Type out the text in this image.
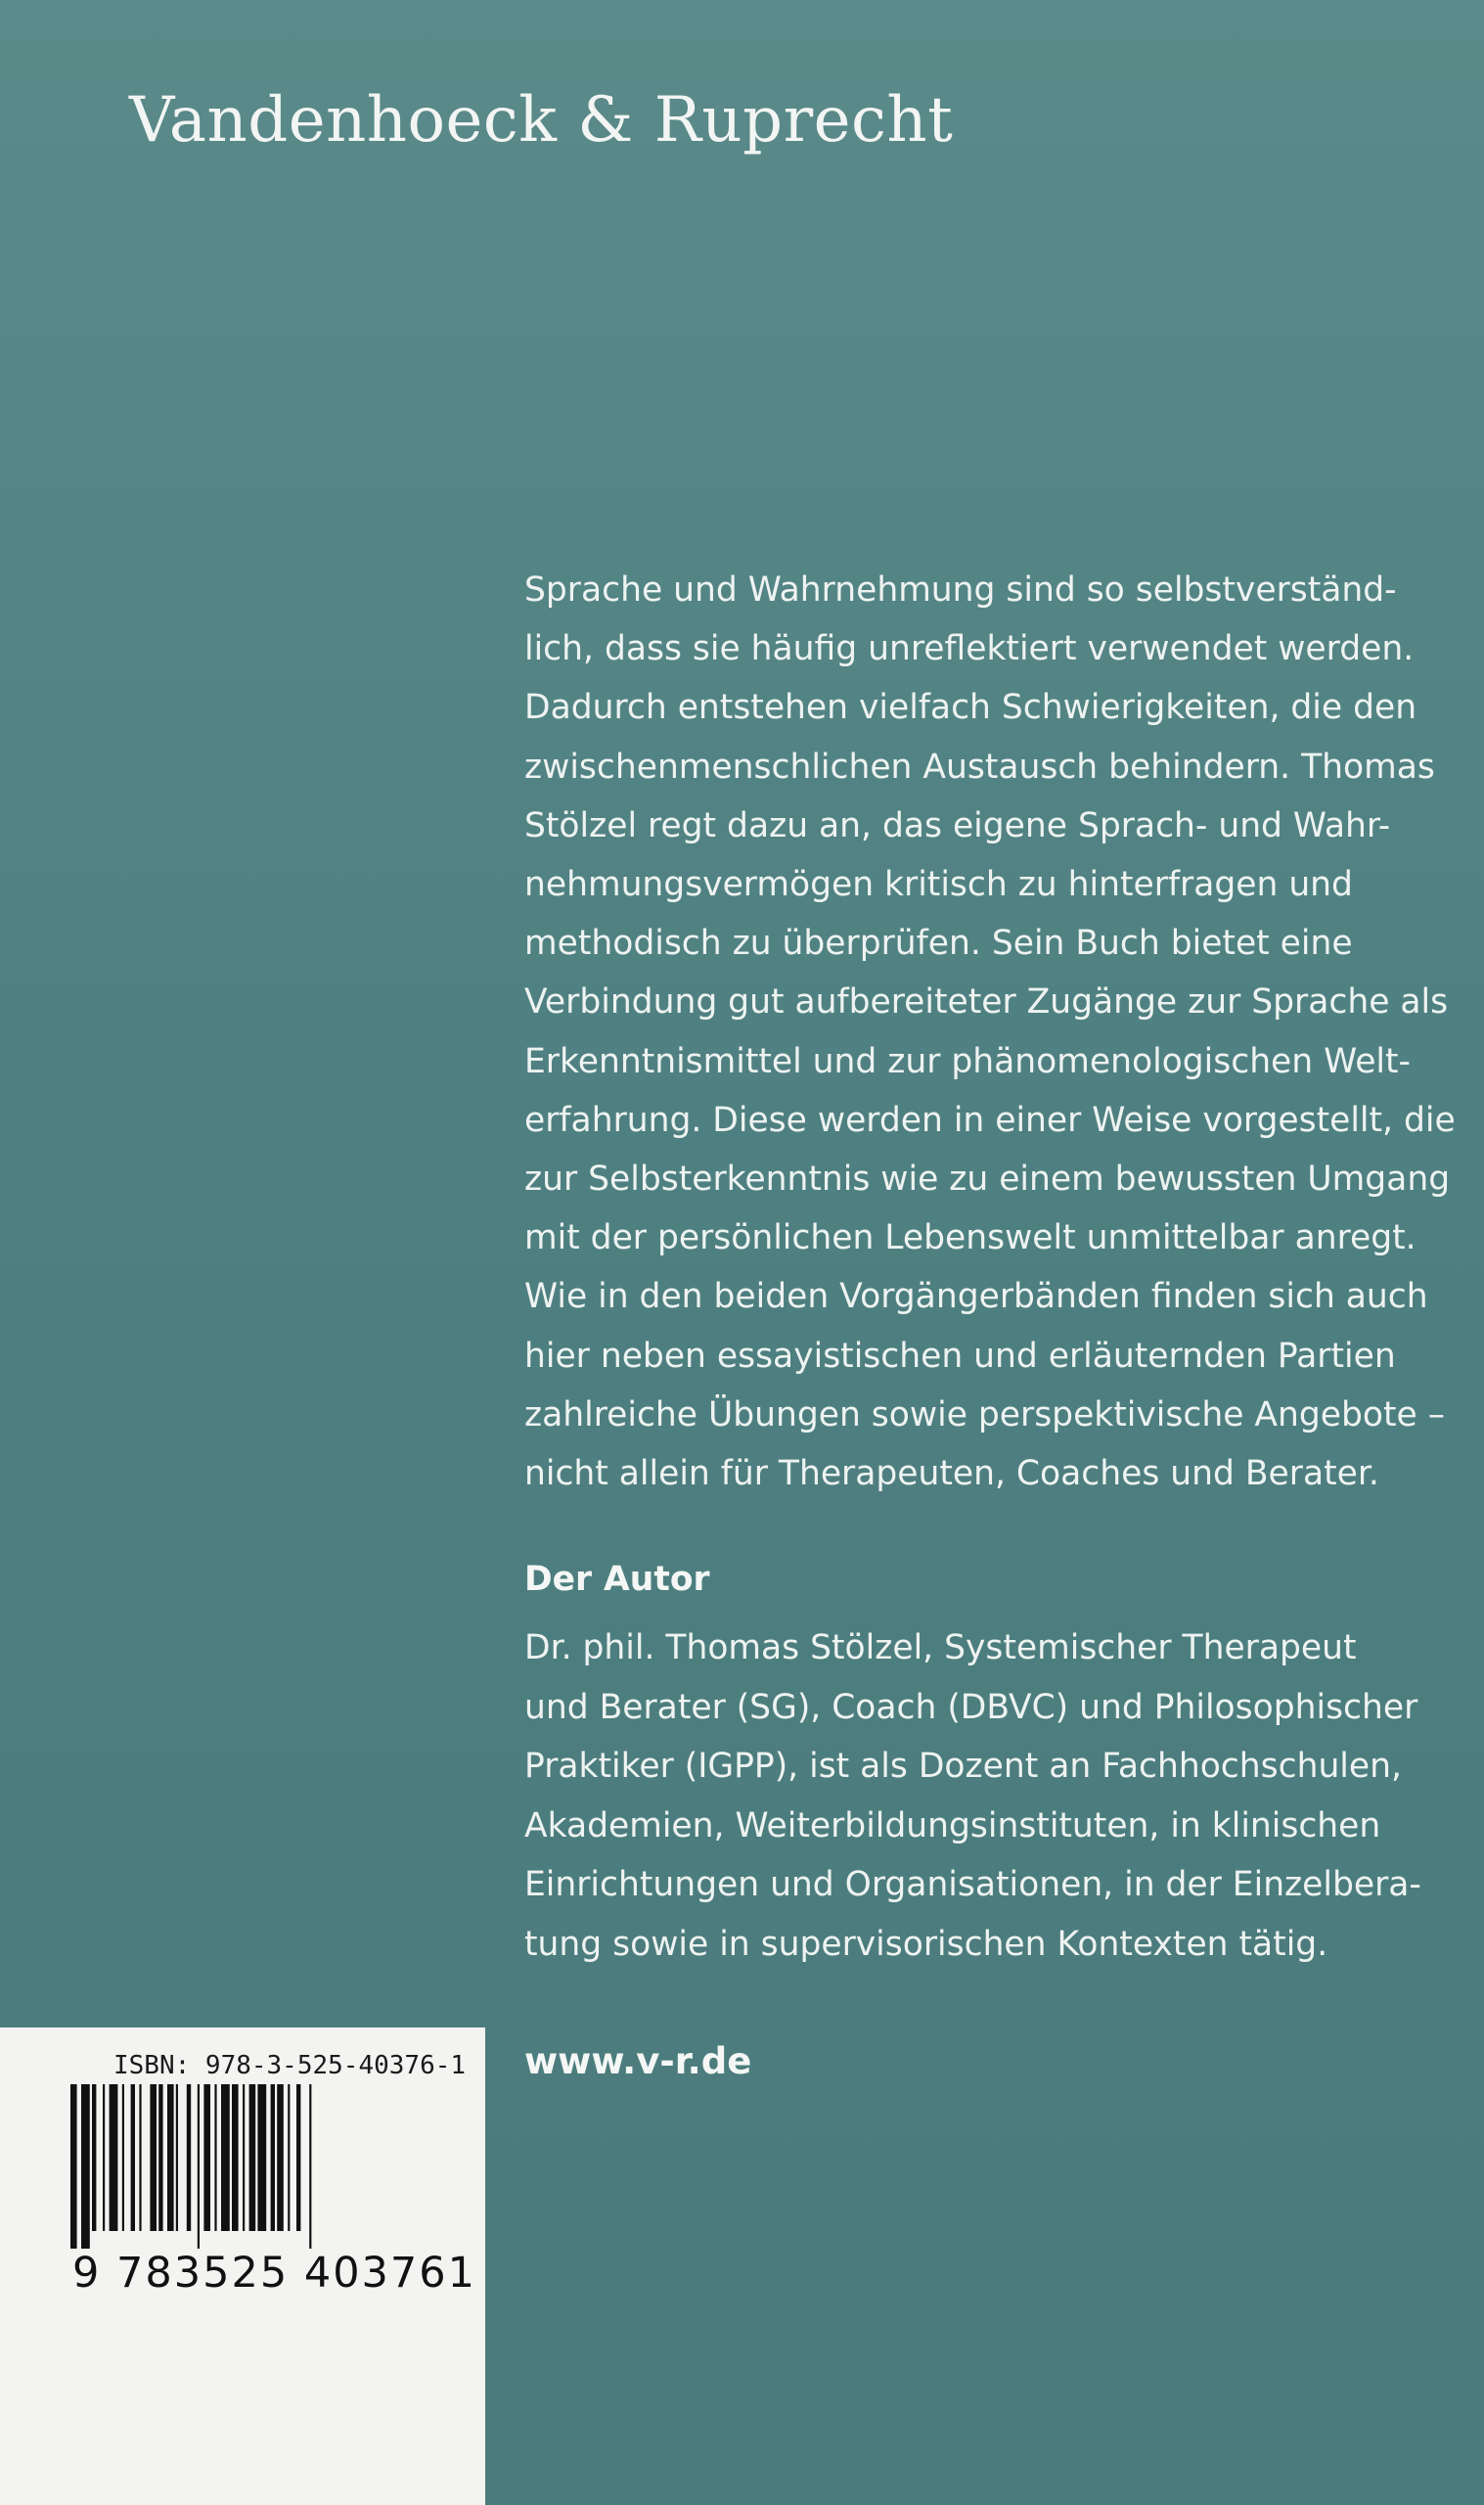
Vandenhoeck & Ruprecht
Sprache und Wahrnehmung sind so selbstverständ-
lich, dass sie häufig unreflektiert verwendet werden.
Dadurch entstehen vielfach Schwierigkeiten, die den
zwischenmenschlichen Austausch behindern. Thomas
Stölzel regt dazu an, das eigene Sprach- und Wahr-
nehmungsvermögen kritisch zu hinterfragen und
methodisch zu überprüfen. Sein Buch bietet eine
Verbindung gut aufbereiteter Zugänge zur Sprache als
Erkenntnismittel und zur phänomenologischen Welt-
erfahrung. Diese werden in einer Weise vorgestellt, die
zur Selbsterkenntnis wie zu einem bewussten Umgang
mit der persönlichen Lebenswelt unmittelbar anregt.
Wie in den beiden Vorgängerbänden finden sich auch
hier neben essayistischen und erläuternden Partien
zahlreiche Übungen sowie perspektivische Angebote –
nicht allein für Therapeuten, Coaches und Berater.
Der Autor
Dr. phil. Thomas Stölzel, Systemischer Therapeut
und Berater (SG), Coach (DBVC) und Philosophischer
Praktiker (IGPP), ist als Dozent an Fachhochschulen,
Akademien, Weiterbildungsinstituten, in klinischen
Einrichtungen und Organisationen, in der Einzelbera-
tung sowie in supervisorischen Kontexten tätig.
www.v-r.de
ISBN: 978-3-525-40376-1
9 783525 403761
